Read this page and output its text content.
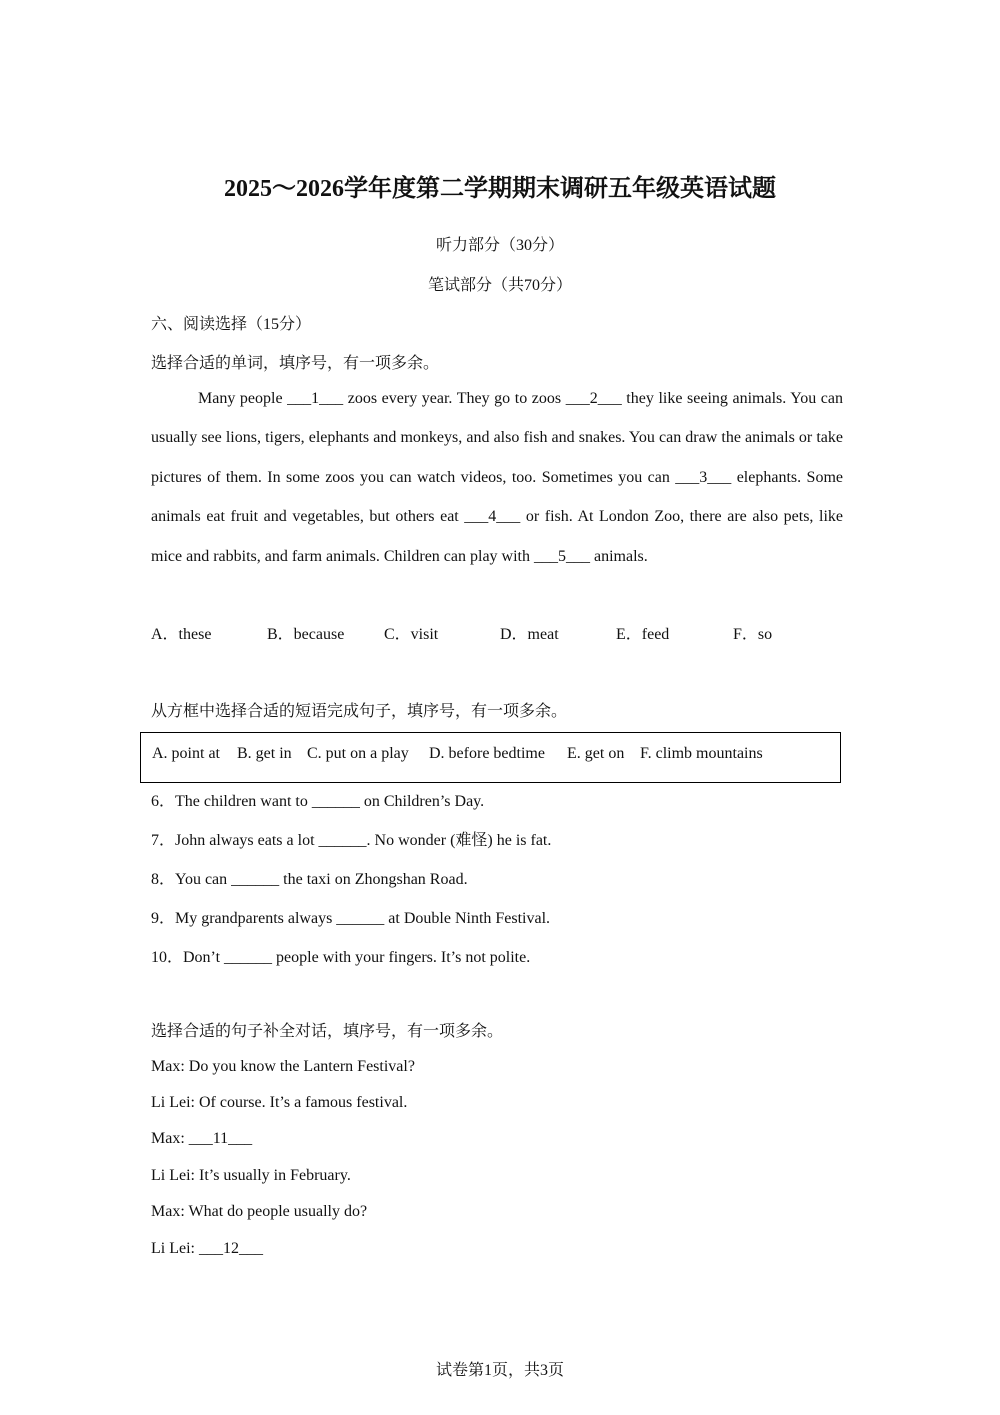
2025～2026学年度第二学期期末调研五年级英语试题
听力部分（30分）
笔试部分（共70分）
六、阅读选择（15分）
选择合适的单词，填序号，有一项多余。
Many people ___1___ zoos every year. They go to zoos ___2___ they like seeing animals. You can usually see lions, tigers, elephants and monkeys, and also fish and snakes. You can draw the animals or take pictures of them. In some zoos you can watch videos, too. Sometimes you can ___3___ elephants. Some animals eat fruit and vegetables, but others eat ___4___ or fish. At London Zoo, there are also pets, like mice and rabbits, and farm animals. Children can play with ___5___ animals.
A．these	B．because C．visit	D．meat	E．feed	F．so
从方框中选择合适的短语完成句子，填序号，有一项多余。
A. point at B. get in C. put on a play D. before bedtime E. get on F. climb mountains
6．The children want to ______ on Children’s Day.
7．John always eats a lot ______. No wonder (难怪) he is fat.
8．You can ______ the taxi on Zhongshan Road.
9．My grandparents always ______ at Double Ninth Festival.
10．Don’t ______ people with your fingers. It’s not polite.
选择合适的句子补全对话，填序号，有一项多余。
Max: Do you know the Lantern Festival?
Li Lei: Of course. It’s a famous festival.
Max: ___11___
Li Lei: It’s usually in February.
Max: What do people usually do?
Li Lei: ___12___
试卷第1页，共3页
